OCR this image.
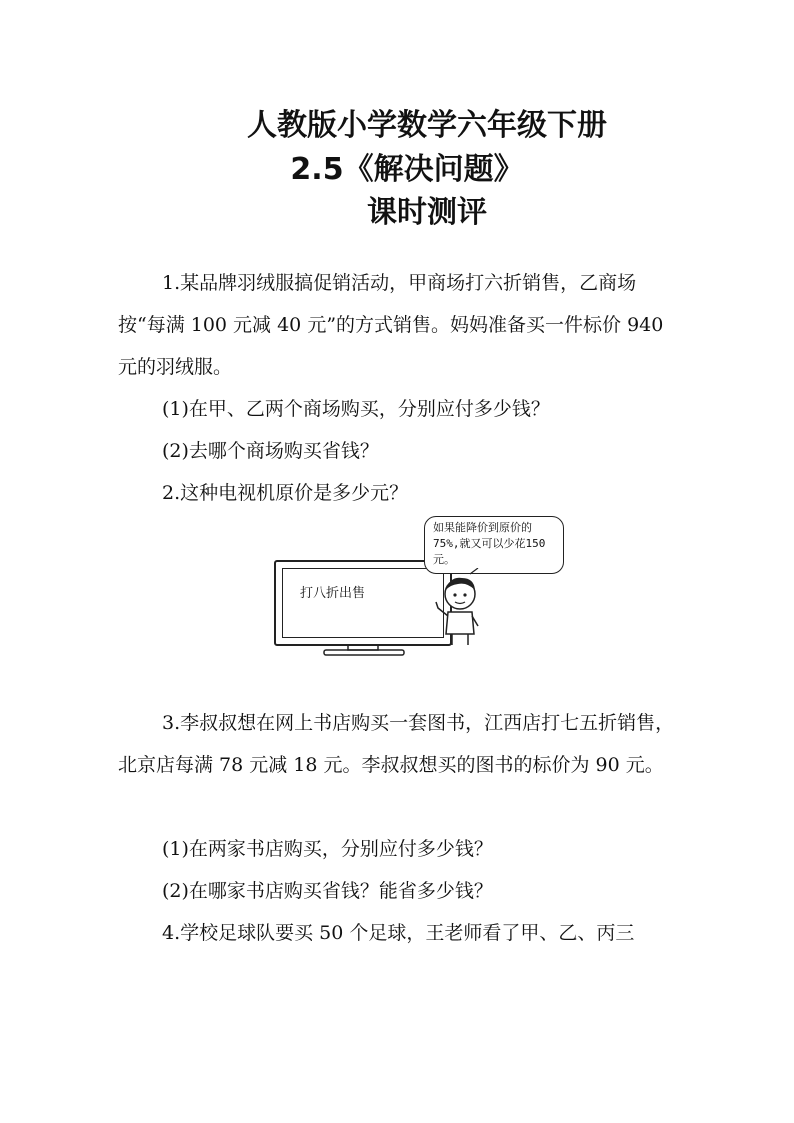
人教版小学数学六年级下册
2.5《解决问题》
课时测评

1.某品牌羽绒服搞促销活动，甲商场打六折销售，乙商场按“每满 100 元减 40 元”的方式销售。妈妈准备买一件标价 940 元的羽绒服。

(1)在甲、乙两个商场购买，分别应付多少钱？

(2)去哪个商场购买省钱？

2.这种电视机原价是多少元？

打八折出售
如果能降价到原价的75%,就又可以少花150元。

3.李叔叔想在网上书店购买一套图书，江西店打七五折销售，北京店每满 78 元减 18 元。李叔叔想买的图书的标价为 90 元。

(1)在两家书店购买，分别应付多少钱？

(2)在哪家书店购买省钱？能省多少钱？

4.学校足球队要买 50 个足球，王老师看了甲、乙、丙三
